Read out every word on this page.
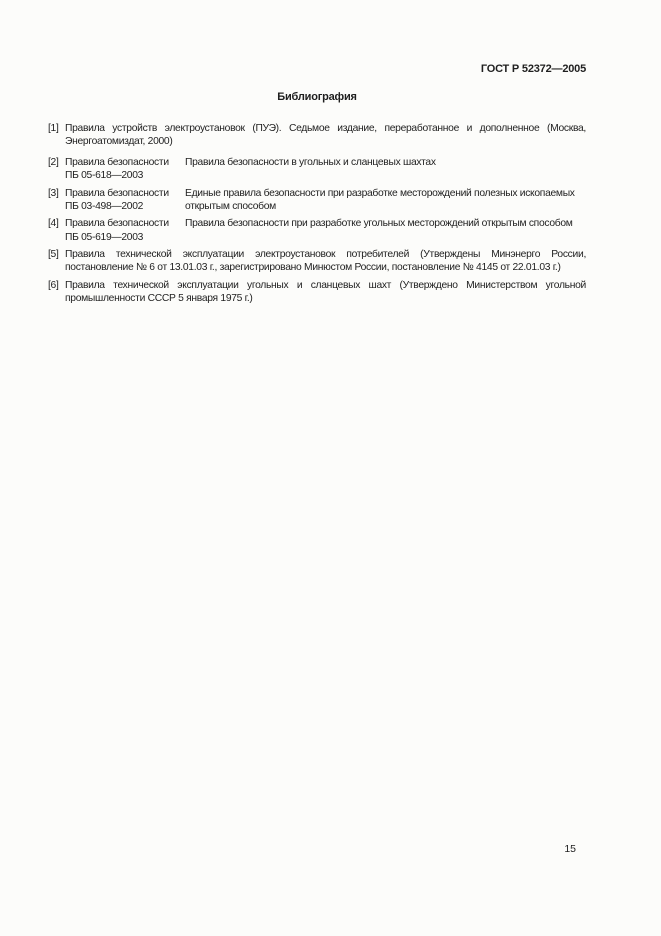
ГОСТ Р 52372—2005
Библиография

[1] Правила устройств электроустановок (ПУЭ). Седьмое издание, переработанное и дополненное (Москва, Энергоатомиздат, 2000)

[2] Правила безопасности
ПБ 05-618—2003
Правила безопасности в угольных и сланцевых шахтах
[3] Правила безопасности
ПБ 03-498—2002
Единые правила безопасности при разработке месторождений полезных ископаемых открытым способом
[4] Правила безопасности
ПБ 05-619—2003
Правила безопасности при разработке угольных месторождений открытым способом

[5] Правила технической эксплуатации электроустановок потребителей (Утверждены Минэнерго России, постановление № 6 от 13.01.03 г., зарегистрировано Минюстом России, постановление № 4145 от 22.01.03 г.)

[6] Правила технической эксплуатации угольных и сланцевых шахт (Утверждено Министерством угольной промышленности СССР 5 января 1975 г.)

15
